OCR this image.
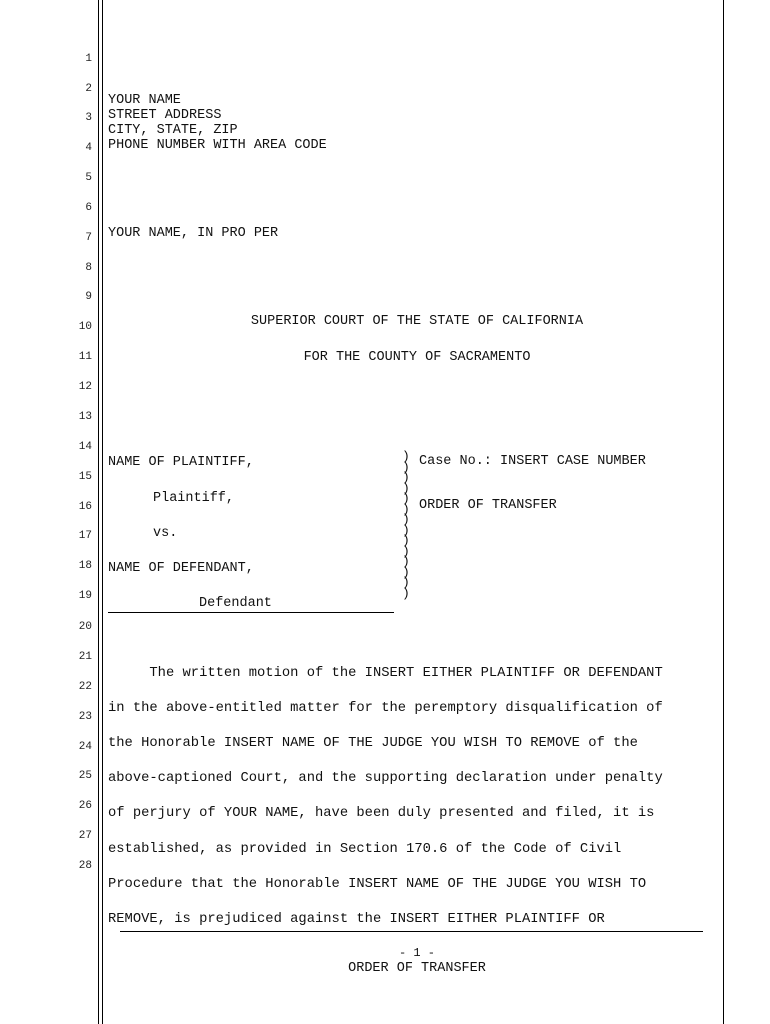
1
2
3
4
5
6
7
8
9
10
11
12
13
14
15
16
17
18
19
20
21
22
23
24
25
26
27
28
YOUR NAME
STREET ADDRESS
CITY, STATE, ZIP
PHONE NUMBER WITH AREA CODE
YOUR NAME, IN PRO PER
SUPERIOR COURT OF THE STATE OF CALIFORNIA
FOR THE COUNTY OF SACRAMENTO
NAME OF PLAINTIFF,
Plaintiff,
vs.
NAME OF DEFENDANT,
Defendant
)
)
)
)
)
)
)
)
)
)
)
)
)
)
Case No.: INSERT CASE NUMBER
ORDER OF TRANSFER
The written motion of the INSERT EITHER PLAINTIFF OR DEFENDANT
in the above-entitled matter for the peremptory disqualification of
the Honorable INSERT NAME OF THE JUDGE YOU WISH TO REMOVE of the
above-captioned Court, and the supporting declaration under penalty
of perjury of YOUR NAME, have been duly presented and filed, it is
established, as provided in Section 170.6 of the Code of Civil
Procedure that the Honorable INSERT NAME OF THE JUDGE YOU WISH TO
REMOVE, is prejudiced against the INSERT EITHER PLAINTIFF OR
- 1 -
ORDER OF TRANSFER
